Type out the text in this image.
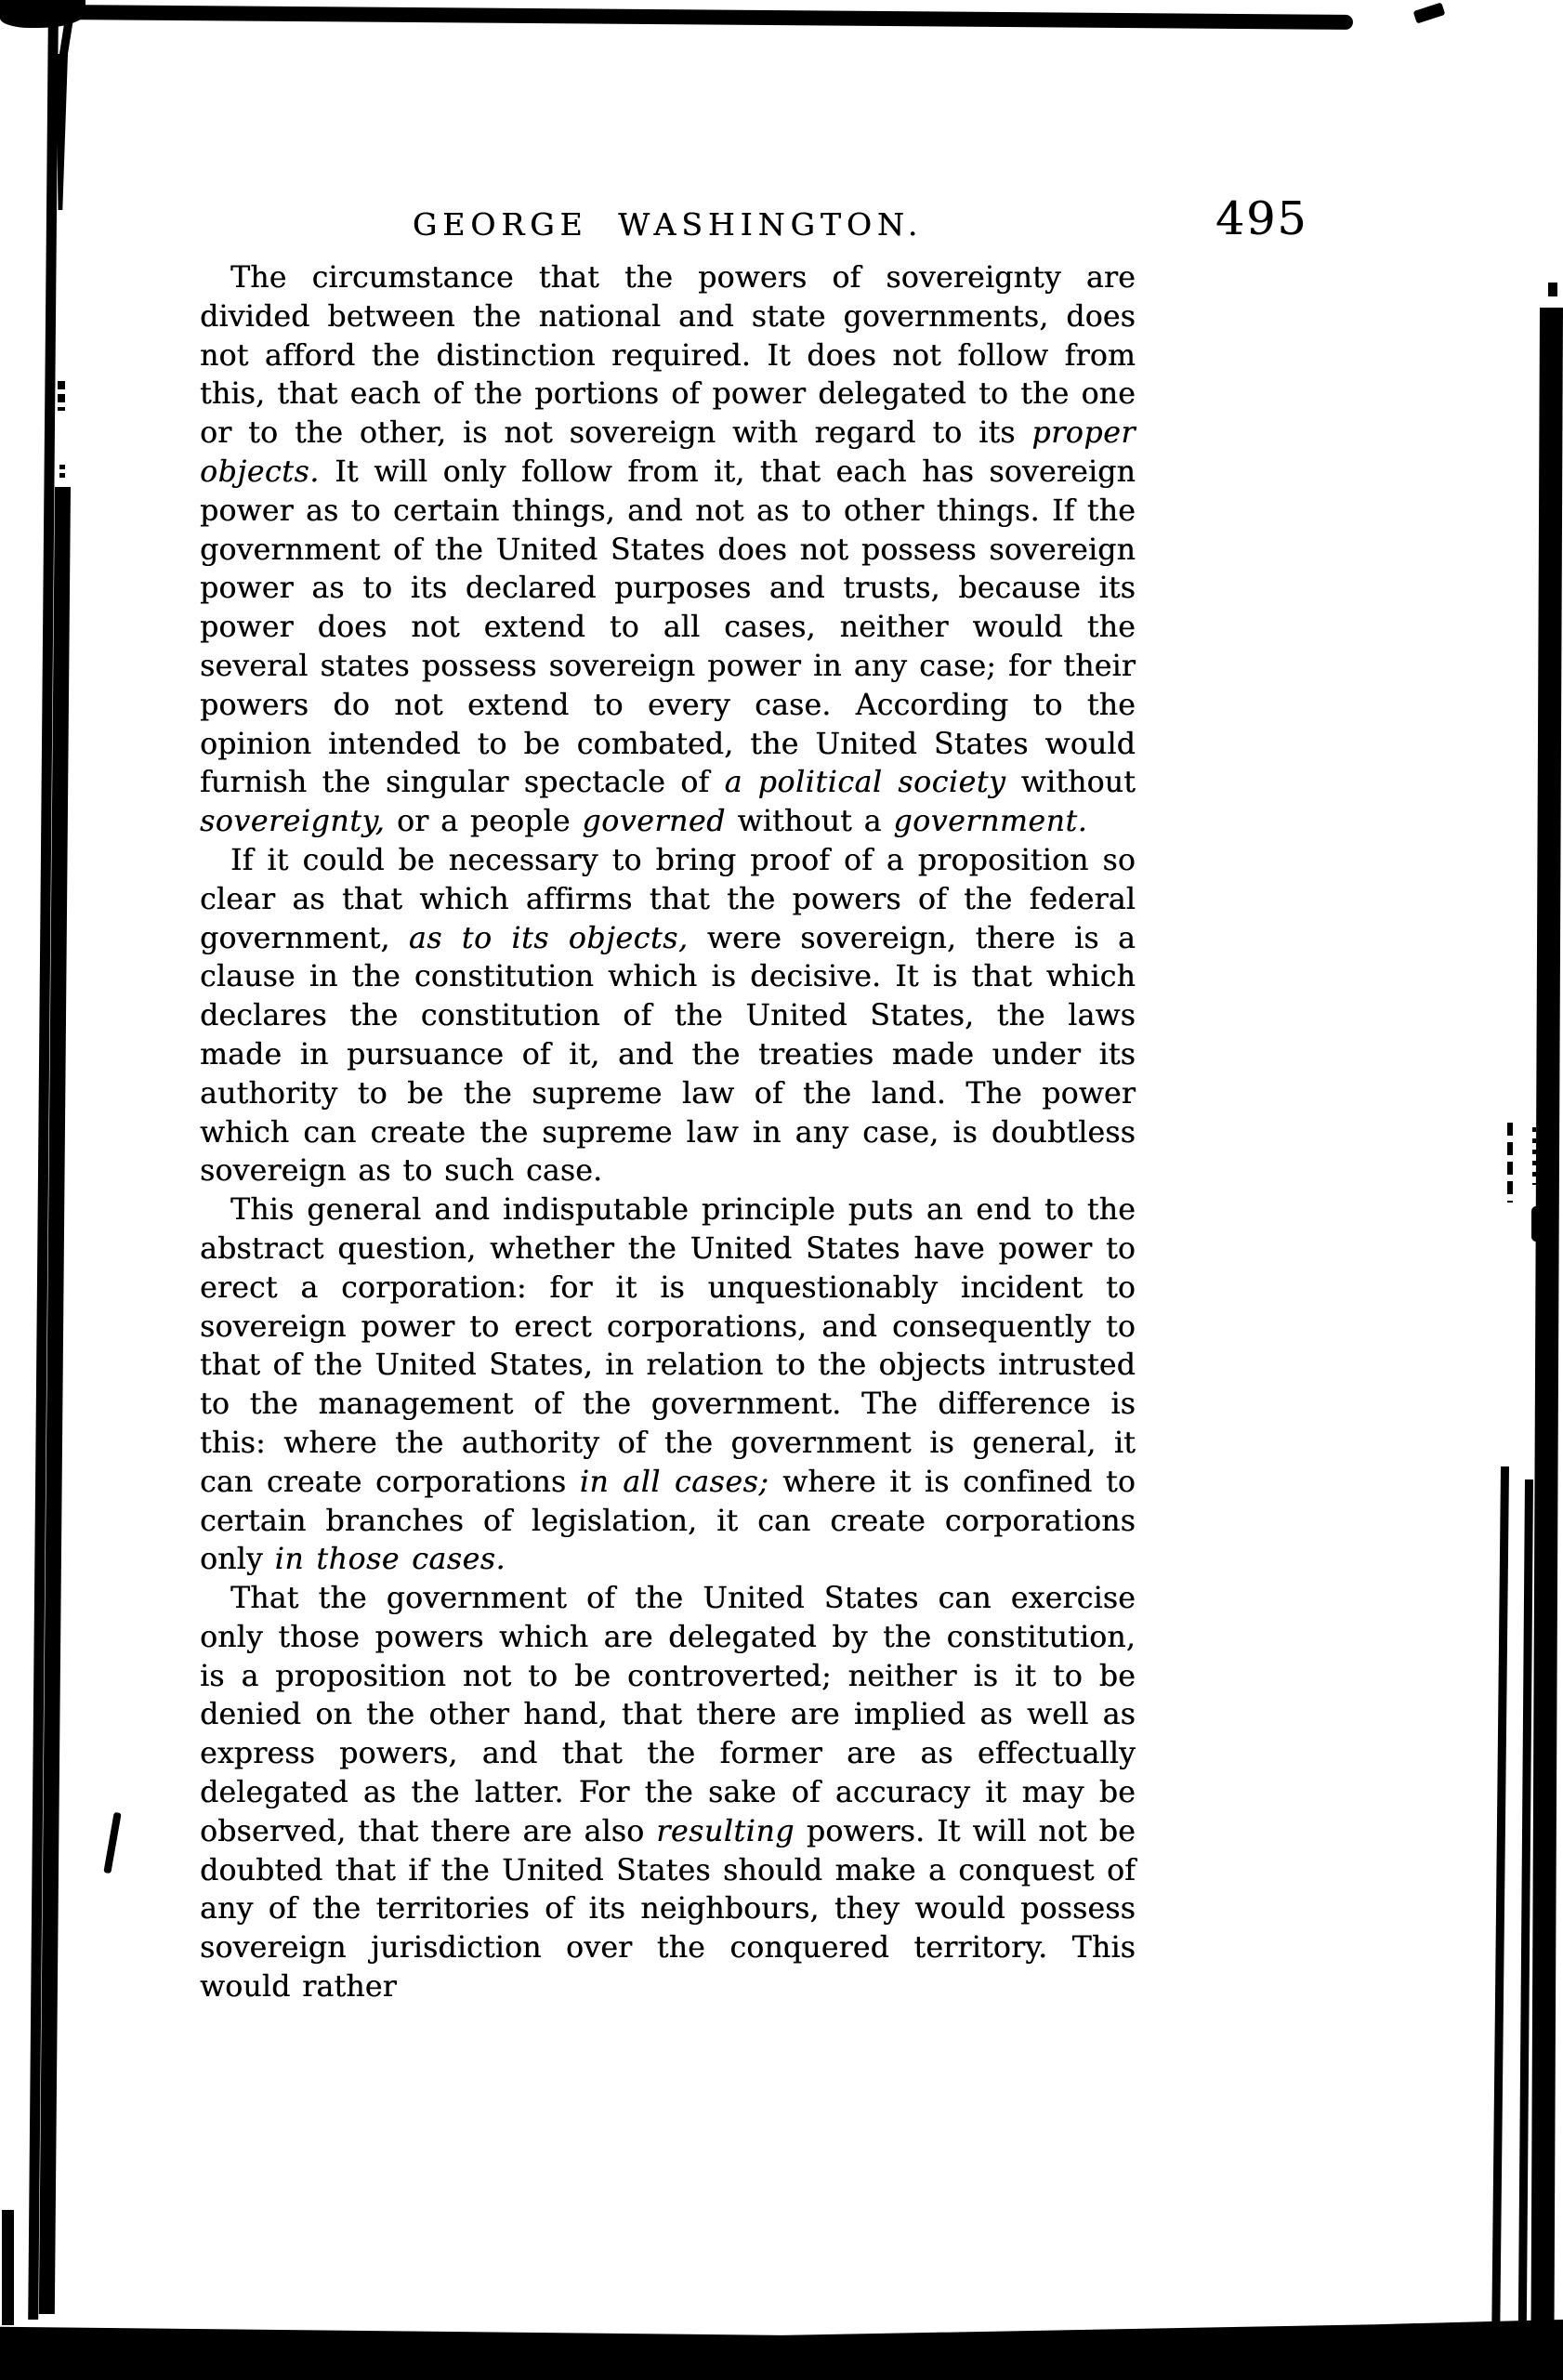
GEORGE WASHINGTON.	495

The circumstance that the powers of sovereignty are divided between the national and state governments, does not afford the distinction required. It does not follow from this, that each of the portions of power delegated to the one or to the other, is not sovereign with regard to its proper objects. It will only follow from it, that each has sovereign power as to certain things, and not as to other things. If the government of the United States does not possess sovereign power as to its declared purposes and trusts, because its power does not extend to all cases, neither would the several states possess sovereign power in any case; for their powers do not extend to every case. According to the opinion intended to be combated, the United States would furnish the singular spectacle of a political society without sovereignty, or a people governed without a government.

If it could be necessary to bring proof of a proposition so clear as that which affirms that the powers of the federal government, as to its objects, were sovereign, there is a clause in the constitution which is decisive. It is that which declares the constitution of the United States, the laws made in pursuance of it, and the treaties made under its authority to be the supreme law of the land. The power which can create the supreme law in any case, is doubtless sovereign as to such case.

This general and indisputable principle puts an end to the abstract question, whether the United States have power to erect a corporation: for it is unquestionably incident to sovereign power to erect corporations, and consequently to that of the United States, in relation to the objects intrusted to the management of the government. The difference is this: where the authority of the government is general, it can create corporations in all cases; where it is confined to certain branches of legislation, it can create corporations only in those cases.

That the government of the United States can exercise only those powers which are delegated by the constitution, is a proposition not to be controverted; neither is it to be denied on the other hand, that there are implied as well as express powers, and that the former are as effectually delegated as the latter. For the sake of accuracy it may be observed, that there are also resulting powers. It will not be doubted that if the United States should make a conquest of any of the territories of its neighbours, they would possess sovereign jurisdiction over the conquered territory. This would rather
